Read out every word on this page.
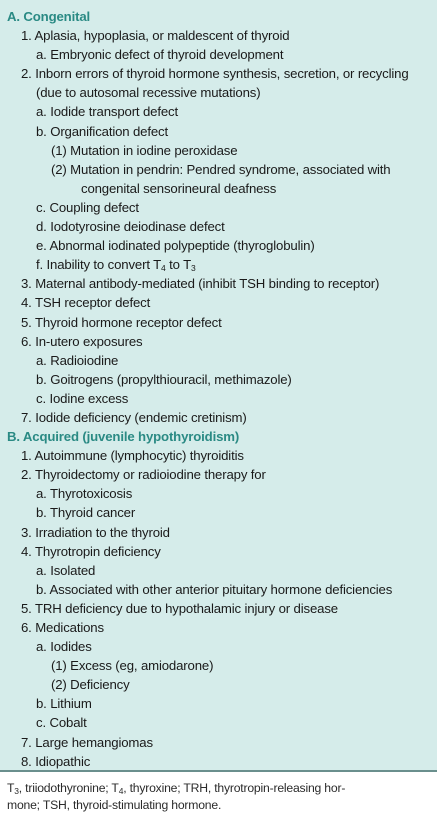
A. Congenital
1. Aplasia, hypoplasia, or maldescent of thyroid
a. Embryonic defect of thyroid development
2. Inborn errors of thyroid hormone synthesis, secretion, or recycling
(due to autosomal recessive mutations)
a. Iodide transport defect
b. Organification defect
(1) Mutation in iodine peroxidase
(2) Mutation in pendrin: Pendred syndrome, associated with
congenital sensorineural deafness
c. Coupling defect
d. Iodotyrosine deiodinase defect
e. Abnormal iodinated polypeptide (thyroglobulin)
f. Inability to convert $T_4$ to $T_3$
3. Maternal antibody-mediated (inhibit TSH binding to receptor)
4. TSH receptor defect
5. Thyroid hormone receptor defect
6. In-utero exposures
a. Radioiodine
b. Goitrogens (propylthiouracil, methimazole)
c. Iodine excess
7. Iodide deficiency (endemic cretinism)
B. Acquired (juvenile hypothyroidism)
1. Autoimmune (lymphocytic) thyroiditis
2. Thyroidectomy or radioiodine therapy for
a. Thyrotoxicosis
b. Thyroid cancer
3. Irradiation to the thyroid
4. Thyrotropin deficiency
a. Isolated
b. Associated with other anterior pituitary hormone deficiencies
5. TRH deficiency due to hypothalamic injury or disease
6. Medications
a. Iodides
(1) Excess (eg, amiodarone)
(2) Deficiency
b. Lithium
c. Cobalt
7. Large hemangiomas
8. Idiopathic
$T_3$, triiodothyronine; $T_4$, thyroxine; TRH, thyrotropin-releasing hor-
mone; TSH, thyroid-stimulating hormone.
